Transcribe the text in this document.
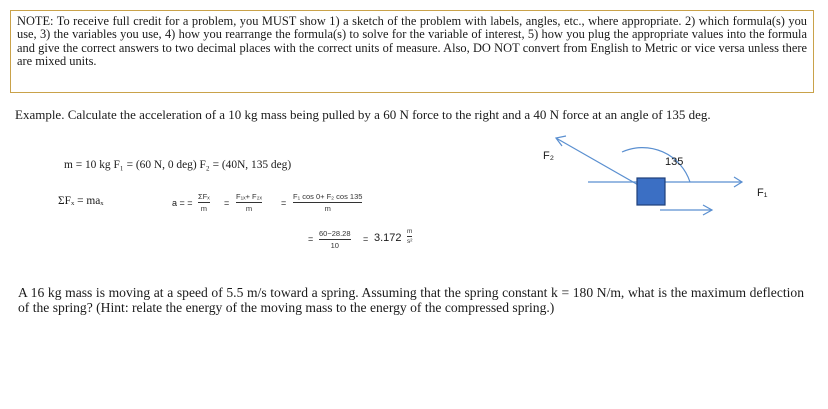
NOTE: To receive full credit for a problem, you MUST show 1) a sketch of the problem with labels, angles, etc., where appropriate. 2) which formula(s) you use, 3) the variables you use, 4) how you rearrange the formula(s) to solve for the variable of interest, 5) how you plug the appropriate values into the formula and give the correct answers to two decimal places with the correct units of measure. Also, DO NOT convert from English to Metric or vice versa unless there are mixed units.
Example. Calculate the acceleration of a 10 kg mass being pulled by a 60 N force to the right and a 40 N force at an angle of 135 deg.
m = 10 kg F₁ = (60 N, 0 deg) F₂ = (40N, 135 deg)
ΣFₓ = maₓ	a = =
ΣFₓ
m
=
F₁ₓ+ F₂ₓ
m
=
F₁ cos 0+ F₂ cos 135
m
=
60−28.28
10
= 3.172
m
s²
F₂	135
F₁
A 16 kg mass is moving at a speed of 5.5 m/s toward a spring. Assuming that the spring constant k = 180 N/m, what is the maximum deflection of the spring? (Hint: relate the energy of the moving mass to the energy of the compressed spring.)
